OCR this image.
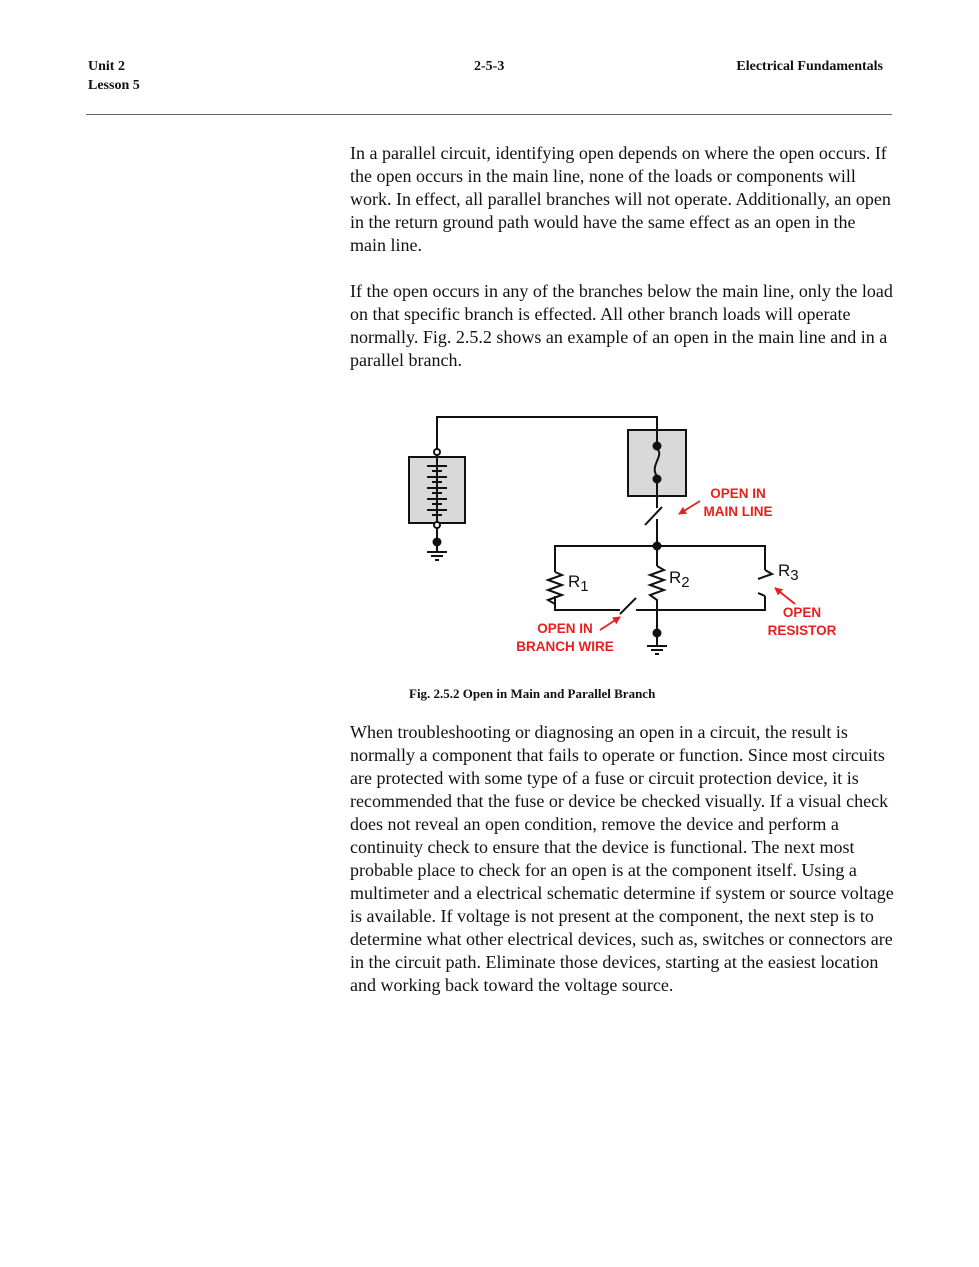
Unit 2
Lesson 5
2-5-3	Electrical Fundamentals

In a parallel circuit, identifying open depends on where the open occurs. If the open occurs in the main line, none of the loads or components will work. In effect, all parallel branches will not operate. Additionally, an open in the return ground path would have the same effect as an open in the main line.

If the open occurs in any of the branches below the main line, only the load on that specific branch is effected. All other branch loads will operate normally. Fig. 2.5.2 shows an example of an open in the main line and in a parallel branch.

R1	R2
R3
OPEN IN
MAIN LINE
OPEN IN
BRANCH WIRE
OPEN
RESISTOR
Fig. 2.5.2 Open in Main and Parallel Branch

When troubleshooting or diagnosing an open in a circuit, the result is normally a component that fails to operate or function. Since most circuits are protected with some type of a fuse or circuit protection device, it is recommended that the fuse or device be checked visually. If a visual check does not reveal an open condition, remove the device and perform a continuity check to ensure that the device is functional. The next most probable place to check for an open is at the component itself. Using a multimeter and a electrical schematic determine if system or source voltage is available. If voltage is not present at the component, the next step is to determine what other electrical devices, such as, switches or connectors are in the circuit path. Eliminate those devices, starting at the easiest location and working back toward the voltage source.
